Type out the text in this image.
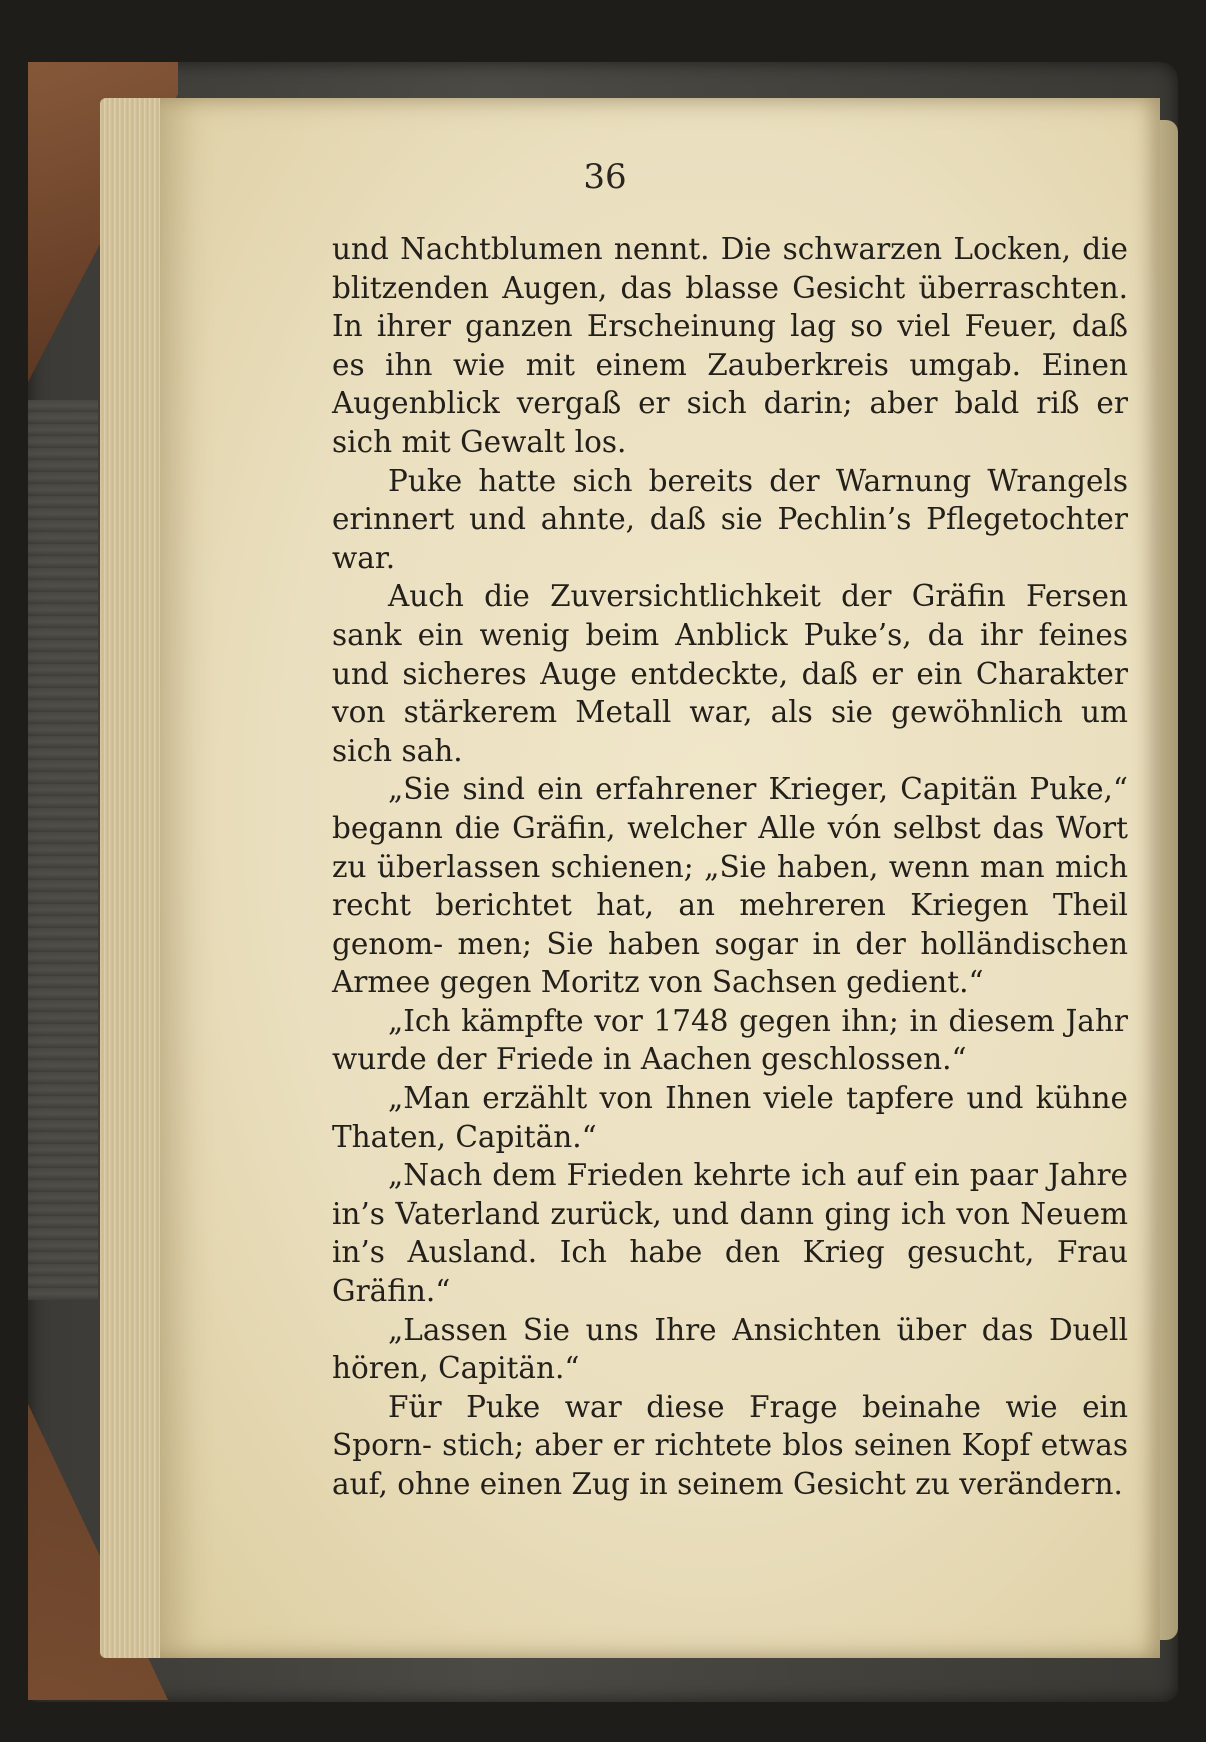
36

und Nachtblumen nennt. Die schwarzen Locken, die blitzenden Augen, das blasse Gesicht überraschten. In ihrer ganzen Erscheinung lag so viel Feuer, daß es ihn wie mit einem Zauberkreis umgab. Einen Augenblick vergaß er sich darin; aber bald riß er sich mit Gewalt los.

Puke hatte sich bereits der Warnung Wrangels erinnert und ahnte, daß sie Pechlin’s Pflegetochter war.

Auch die Zuversichtlichkeit der Gräfin Fersen sank ein wenig beim Anblick Puke’s, da ihr feines und sicheres Auge entdeckte, daß er ein Charakter von stärkerem Metall war, als sie gewöhnlich um sich sah.

„Sie sind ein erfahrener Krieger, Capitän Puke,“ begann die Gräfin, welcher Alle vón selbst das Wort zu überlassen schienen; „Sie haben, wenn man mich recht berichtet hat, an mehreren Kriegen Theil genom- men; Sie haben sogar in der holländischen Armee gegen Moritz von Sachsen gedient.“

„Ich kämpfte vor 1748 gegen ihn; in diesem Jahr wurde der Friede in Aachen geschlossen.“

„Man erzählt von Ihnen viele tapfere und kühne Thaten, Capitän.“

„Nach dem Frieden kehrte ich auf ein paar Jahre in’s Vaterland zurück, und dann ging ich von Neuem in’s Ausland. Ich habe den Krieg gesucht, Frau Gräfin.“

„Lassen Sie uns Ihre Ansichten über das Duell hören, Capitän.“

Für Puke war diese Frage beinahe wie ein Sporn- stich; aber er richtete blos seinen Kopf etwas auf, ohne einen Zug in seinem Gesicht zu verändern.
